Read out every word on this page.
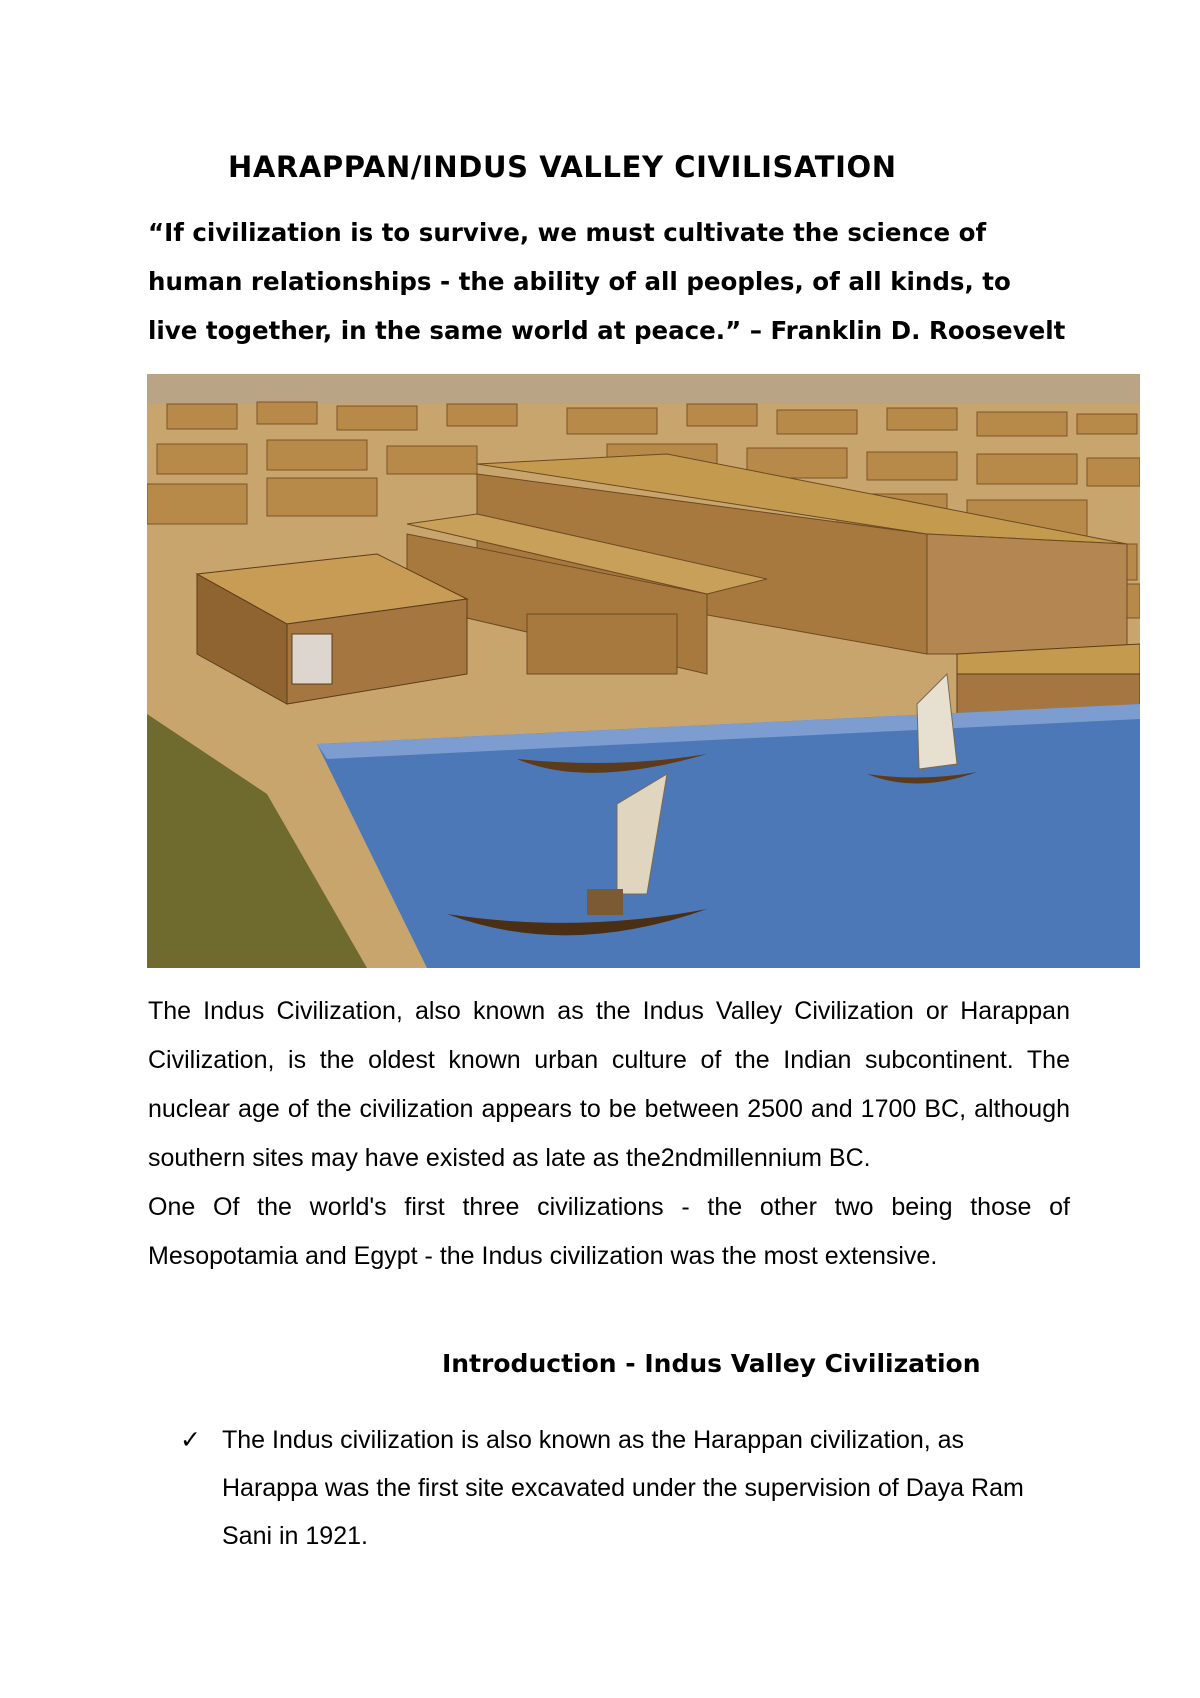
HARAPPAN/INDUS VALLEY CIVILISATION

“If civilization is to survive, we must cultivate the science of human relationships - the ability of all peoples, of all kinds, to live together, in the same world at peace.” – Franklin D. Roosevelt

The Indus Civilization, also known as the Indus Valley Civilization or Harappan Civilization, is the oldest known urban culture of the Indian subcontinent. The nuclear age of the civilization appears to be between 2500 and 1700 BC, although southern sites may have existed as late as the2ndmillennium BC.

One Of the world's first three civilizations - the other two being those of Mesopotamia and Egypt - the Indus civilization was the most extensive.

Introduction - Indus Valley Civilization
✓ The Indus civilization is also known as the Harappan civilization, as Harappa was the first site excavated under the supervision of Daya Ram Sani in 1921.
